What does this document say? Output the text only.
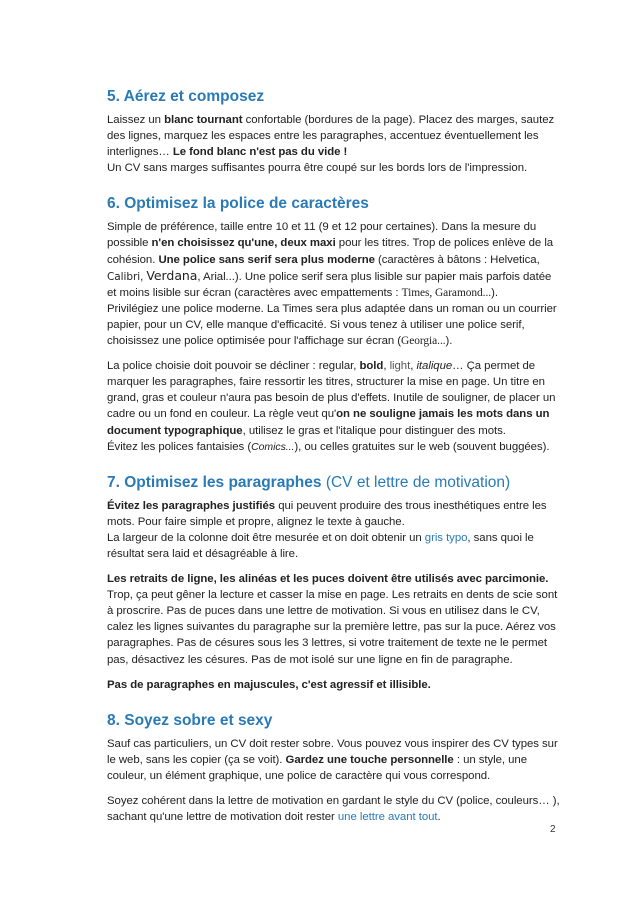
5. Aérez et composez

Laissez un blanc tournant confortable (bordures de la page). Placez des marges, sautez des lignes, marquez les espaces entre les paragraphes, accentuez éventuellement les interlignes… Le fond blanc n'est pas du vide !
Un CV sans marges suffisantes pourra être coupé sur les bords lors de l'impression.

6. Optimisez la police de caractères

Simple de préférence, taille entre 10 et 11 (9 et 12 pour certaines). Dans la mesure du possible n'en choisissez qu'une, deux maxi pour les titres. Trop de polices enlève de la cohésion. Une police sans serif sera plus moderne (caractères à bâtons : Helvetica, Calibri, Verdana, Arial...). Une police serif sera plus lisible sur papier mais parfois datée et moins lisible sur écran (caractères avec empattements : Times, Garamond...).

Privilégiez une police moderne. La Times sera plus adaptée dans un roman ou un courrier papier, pour un CV, elle manque d'efficacité. Si vous tenez à utiliser une police serif, choisissez une police optimisée pour l'affichage sur écran (Georgia...).

La police choisie doit pouvoir se décliner : regular, bold, light, italique… Ça permet de marquer les paragraphes, faire ressortir les titres, structurer la mise en page. Un titre en grand, gras et couleur n'aura pas besoin de plus d'effets. Inutile de souligner, de placer un cadre ou un fond en couleur. La règle veut qu'on ne souligne jamais les mots dans un document typographique, utilisez le gras et l'italique pour distinguer des mots.
Évitez les polices fantaisies (Comics...), ou celles gratuites sur le web (souvent buggées).

7. Optimisez les paragraphes (CV et lettre de motivation)

Évitez les paragraphes justifiés qui peuvent produire des trous inesthétiques entre les mots. Pour faire simple et propre, alignez le texte à gauche.
La largeur de la colonne doit être mesurée et on doit obtenir un gris typo, sans quoi le résultat sera laid et désagréable à lire.

Les retraits de ligne, les alinéas et les puces doivent être utilisés avec parcimonie.
Trop, ça peut gêner la lecture et casser la mise en page. Les retraits en dents de scie sont à proscrire. Pas de puces dans une lettre de motivation. Si vous en utilisez dans le CV, calez les lignes suivantes du paragraphe sur la première lettre, pas sur la puce. Aérez vos paragraphes. Pas de césures sous les 3 lettres, si votre traitement de texte ne le permet pas, désactivez les césures. Pas de mot isolé sur une ligne en fin de paragraphe.

Pas de paragraphes en majuscules, c'est agressif et illisible.

8. Soyez sobre et sexy

Sauf cas particuliers, un CV doit rester sobre. Vous pouvez vous inspirer des CV types sur le web, sans les copier (ça se voit). Gardez une touche personnelle : un style, une couleur, un élément graphique, une police de caractère qui vous correspond.

Soyez cohérent dans la lettre de motivation en gardant le style du CV (police, couleurs… ), sachant qu'une lettre de motivation doit rester une lettre avant tout.

2
